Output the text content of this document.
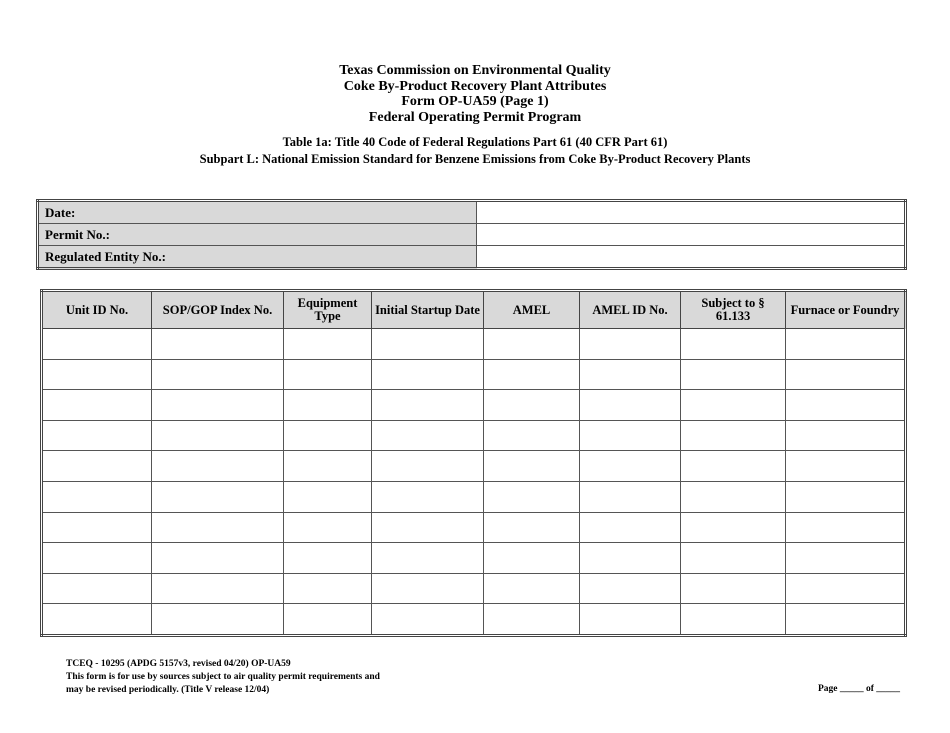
Texas Commission on Environmental Quality
Coke By-Product Recovery Plant Attributes
Form OP-UA59 (Page 1)
Federal Operating Permit Program
Table 1a: Title 40 Code of Federal Regulations Part 61 (40 CFR Part 61)
Subpart L: National Emission Standard for Benzene Emissions from Coke By-Product Recovery Plants
Date:	
Permit No.:	
Regulated Entity No.:	
Unit ID No.	SOP/GOP Index No.	Equipment Type	Initial Startup Date	AMEL	AMEL ID No.	Subject to § 61.133	Furnace or Foundry

TCEQ - 10295 (APDG 5157v3, revised 04/20) OP-UA59
This form is for use by sources subject to air quality permit requirements and
may be revised periodically. (Title V release 12/04)	Page _____ of _____
